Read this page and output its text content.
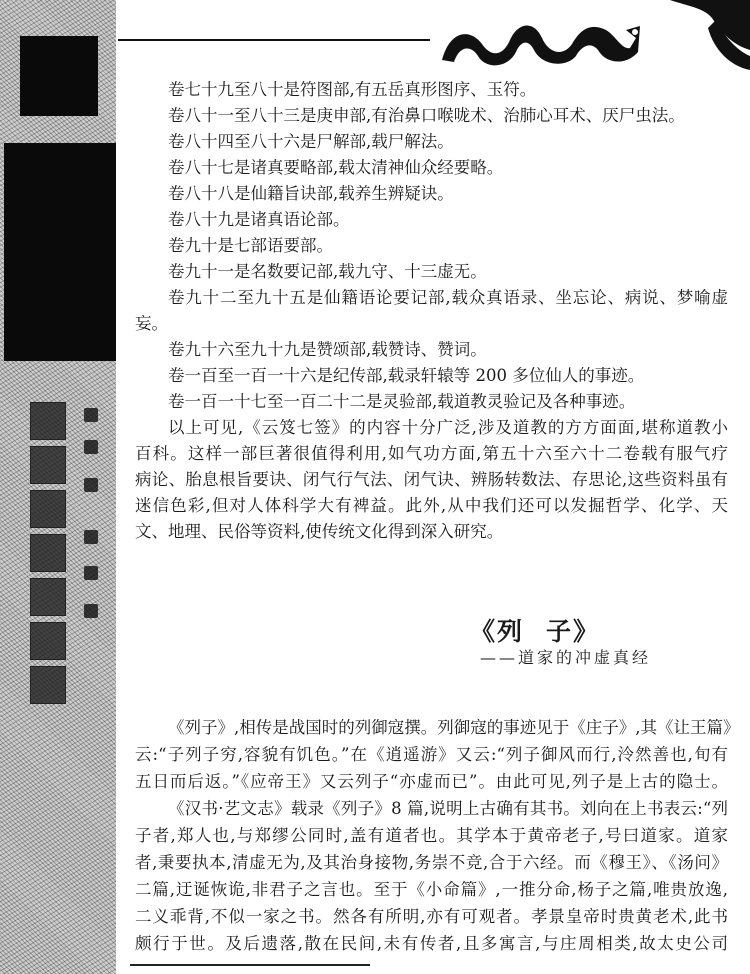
卷七十九至八十是符图部,有五岳真形图序、玉符。
卷八十一至八十三是庚申部,有治鼻口喉咙术、治肺心耳术、厌尸虫法。
卷八十四至八十六是尸解部,载尸解法。
卷八十七是诸真要略部,载太清神仙众经要略。
卷八十八是仙籍旨诀部,载养生辨疑诀。
卷八十九是诸真语论部。
卷九十是七部语要部。
卷九十一是名数要记部,载九守、十三虚无。
卷九十二至九十五是仙籍语论要记部,载众真语录、坐忘论、病说、梦喻虚
妄。
卷九十六至九十九是赞颂部,载赞诗、赞词。
卷一百至一百一十六是纪传部,载录轩辕等 200 多位仙人的事迹。
卷一百一十七至一百二十二是灵验部,载道教灵验记及各种事迹。
以上可见,《云笈七签》的内容十分广泛,涉及道教的方方面面,堪称道教小
百科。这样一部巨著很值得利用,如气功方面,第五十六至六十二卷载有服气疗
病论、胎息根旨要诀、闭气行气法、闭气诀、辨肠转数法、存思论,这些资料虽有
迷信色彩,但对人体科学大有裨益。此外,从中我们还可以发掘哲学、化学、天
文、地理、民俗等资料,使传统文化得到深入研究。
《列 子》
——道家的冲虚真经
《列子》,相传是战国时的列御寇撰。列御寇的事迹见于《庄子》,其《让王篇》
云:“子列子穷,容貌有饥色。”在《逍遥游》又云:“列子御风而行,泠然善也,旬有
五日而后返。”《应帝王》又云列子“亦虚而已”。由此可见,列子是上古的隐士。
《汉书·艺文志》载录《列子》8 篇,说明上古确有其书。刘向在上书表云:“列
子者,郑人也,与郑缪公同时,盖有道者也。其学本于黄帝老子,号曰道家。道家
者,秉要执本,清虚无为,及其治身接物,务崇不竞,合于六经。而《穆王》、《汤问》
二篇,迂诞恢诡,非君子之言也。至于《小命篇》,一推分命,杨子之篇,唯贵放逸,
二义乖背,不似一家之书。然各有所明,亦有可观者。孝景皇帝时贵黄老术,此书
颇行于世。及后遗落,散在民间,未有传者,且多寓言,与庄周相类,故太史公司
